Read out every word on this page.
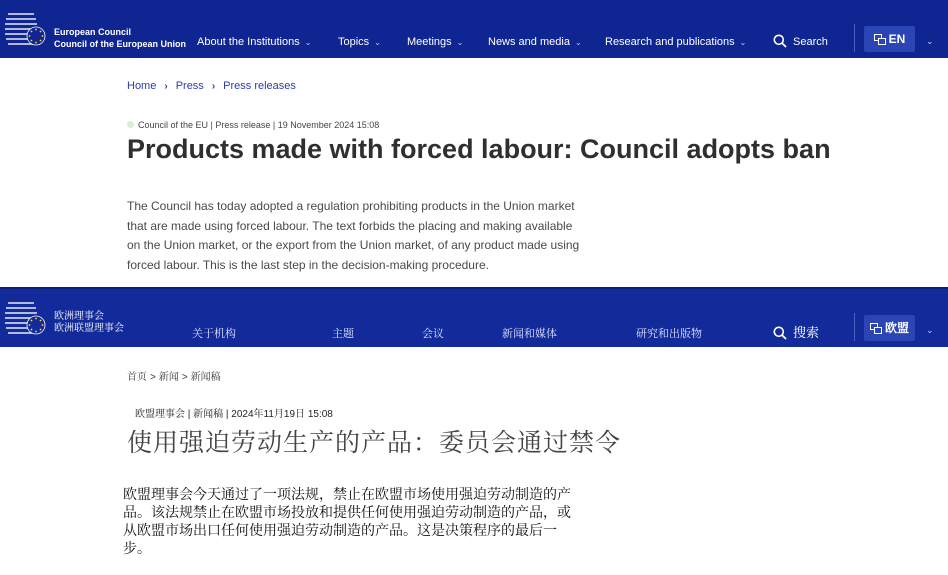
European Council
Council of the European Union About the Institutions ⌄ Topics ⌄ Meetings ⌄ News and media ⌄ Research and publications ⌄	Search	EN	⌄
Home › Press › Press releases
Council of the EU | Press release | 19 November 2024 15:08
Products made with forced labour: Council adopts ban
The Council has today adopted a regulation prohibiting products in the Union market that are made using forced labour. The text forbids the placing and making available on the Union market, or the export from the Union market, of any product made using forced labour. This is the last step in the decision-making procedure.
欧洲理事会
欧洲联盟理事会	关于机构	主题	会议	新闻和媒体	研究和出版物	搜索	欧盟	⌄
首页 > 新闻 > 新闻稿
欧盟理事会 | 新闻稿 | 2024年11月19日 15:08
使用强迫劳动生产的产品：委员会通过禁令
欧盟理事会今天通过了一项法规，禁止在欧盟市场使用强迫劳动制造的产品。该法规禁止在欧盟市场投放和提供任何使用强迫劳动制造的产品，或从欧盟市场出口任何使用强迫劳动制造的产品。这是决策程序的最后一步。
